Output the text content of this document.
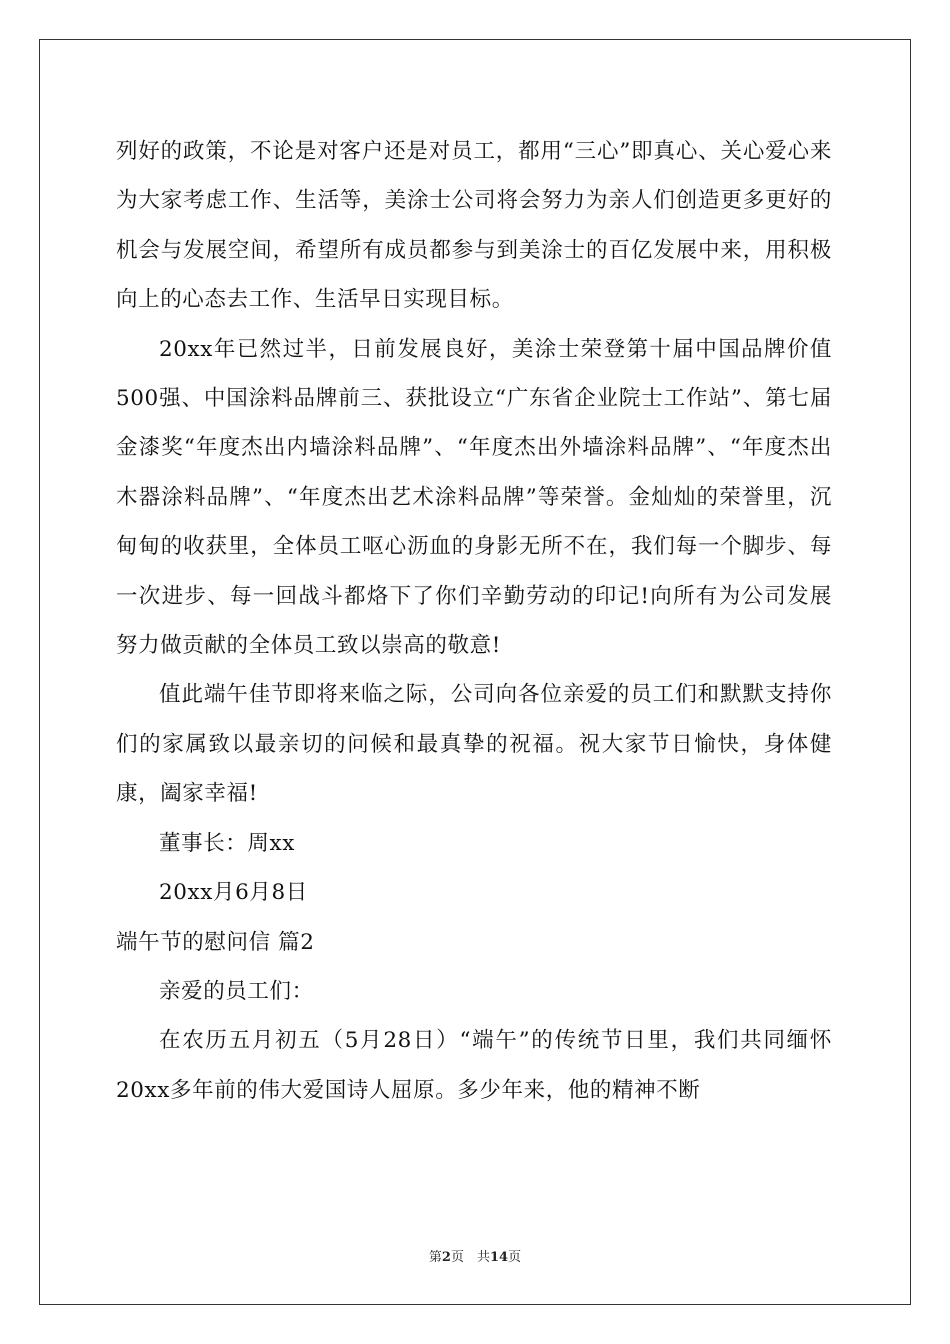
列好的政策，不论是对客户还是对员工，都用“三心”即真心、关心爱心来为大家考虑工作、生活等，美涂士公司将会努力为亲人们创造更多更好的机会与发展空间，希望所有成员都参与到美涂士的百亿发展中来，用积极向上的心态去工作、生活早日实现目标。

20xx年已然过半，日前发展良好，美涂士荣登第十届中国品牌价值500强、中国涂料品牌前三、获批设立“广东省企业院士工作站”、第七届金漆奖“年度杰出内墙涂料品牌”、“年度杰出外墙涂料品牌”、“年度杰出木器涂料品牌”、“年度杰出艺术涂料品牌”等荣誉。金灿灿的荣誉里，沉甸甸的收获里，全体员工呕心沥血的身影无所不在，我们每一个脚步、每一次进步、每一回战斗都烙下了你们辛勤劳动的印记!向所有为公司发展努力做贡献的全体员工致以崇高的敬意!

值此端午佳节即将来临之际，公司向各位亲爱的员工们和默默支持你们的家属致以最亲切的问候和最真挚的祝福。祝大家节日愉快，身体健康，阖家幸福!

董事长：周xx

20xx月6月8日

端午节的慰问信 篇2

亲爱的员工们：

在农历五月初五（5月28日）“端午”的传统节日里，我们共同缅怀20xx多年前的伟大爱国诗人屈原。多少年来，他的精神不断

第2页　共14页
